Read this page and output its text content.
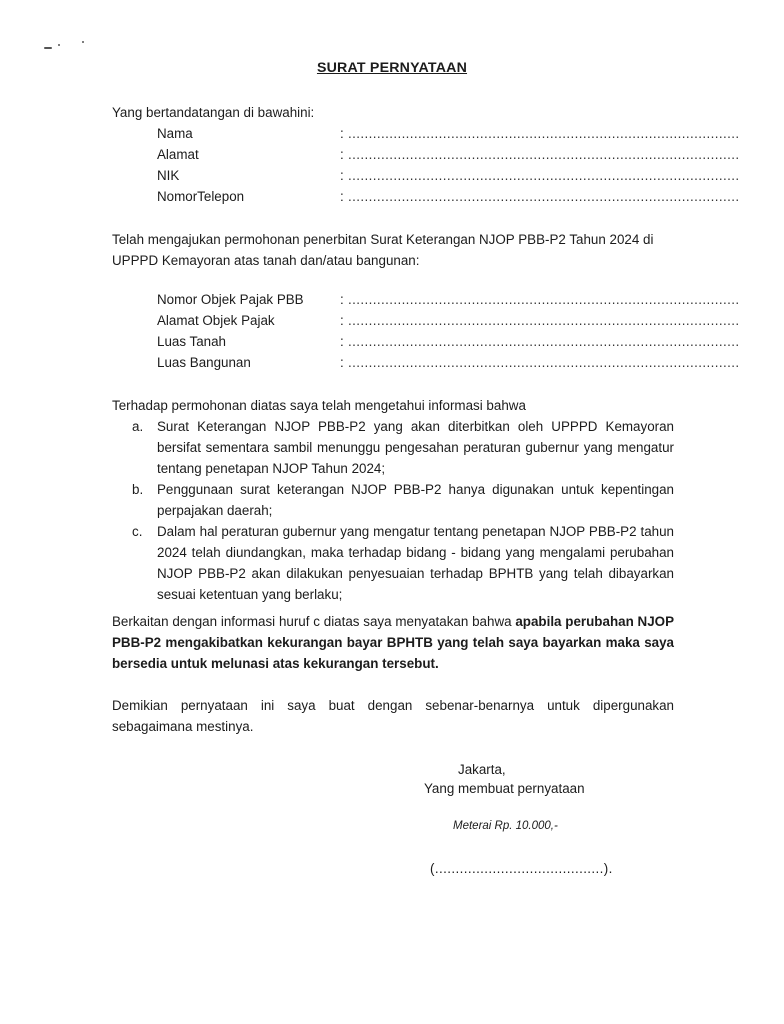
SURAT PERNYATAAN
Yang bertandatangan di bawahini:
Nama	: ...............................................................................................
Alamat	: ...............................................................................................
NIK	: ...............................................................................................
NomorTelepon	: ...............................................................................................
Telah mengajukan permohonan penerbitan Surat Keterangan NJOP PBB-P2 Tahun 2024 di
UPPPD Kemayoran atas tanah dan/atau bangunan:
Nomor Objek Pajak PBB	: ...............................................................................................
Alamat Objek Pajak	: ...............................................................................................
Luas Tanah	: ...............................................................................................
Luas Bangunan	: ...............................................................................................
Terhadap permohonan diatas saya telah mengetahui informasi bahwa
a. Surat Keterangan NJOP PBB-P2 yang akan diterbitkan oleh UPPPD Kemayoran bersifat sementara sambil menunggu pengesahan peraturan gubernur yang mengatur tentang penetapan NJOP Tahun 2024;
b. Penggunaan surat keterangan NJOP PBB-P2 hanya digunakan untuk kepentingan perpajakan daerah;
c. Dalam hal peraturan gubernur yang mengatur tentang penetapan NJOP PBB-P2 tahun 2024 telah diundangkan, maka terhadap bidang - bidang yang mengalami perubahan NJOP PBB-P2 akan dilakukan penyesuaian terhadap BPHTB yang telah dibayarkan sesuai ketentuan yang berlaku;
Berkaitan dengan informasi huruf c diatas saya menyatakan bahwa apabila perubahan NJOP PBB-P2 mengakibatkan kekurangan bayar BPHTB yang telah saya bayarkan maka saya bersedia untuk melunasi atas kekurangan tersebut.
Demikian pernyataan ini saya buat dengan sebenar-benarnya untuk dipergunakan sebagaimana mestinya.
Jakarta,
Yang membuat pernyataan
Meterai Rp. 10.000,-
(.........................................).
